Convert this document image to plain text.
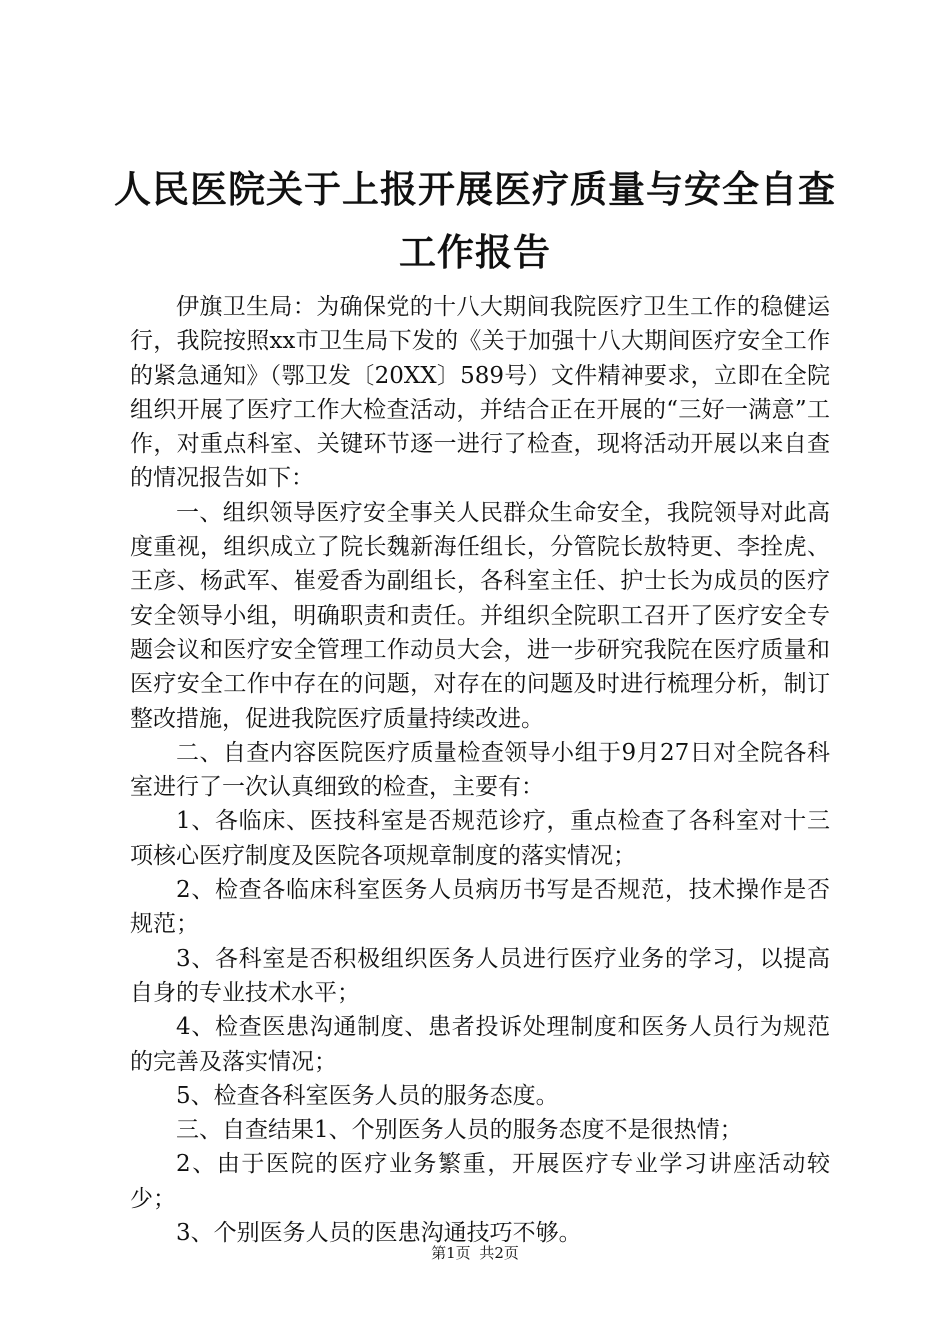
人民医院关于上报开展医疗质量与安全自查工作报告

伊旗卫生局：为确保党的十八大期间我院医疗卫生工作的稳健运行，我院按照xx市卫生局下发的《关于加强十八大期间医疗安全工作的紧急通知》（鄂卫发〔20XX〕589号）文件精神要求，立即在全院组织开展了医疗工作大检查活动，并结合正在开展的“三好一满意”工作，对重点科室、关键环节逐一进行了检查，现将活动开展以来自查的情况报告如下：

一、组织领导医疗安全事关人民群众生命安全，我院领导对此高度重视，组织成立了院长魏新海任组长，分管院长敖特更、李拴虎、王彦、杨武军、崔爱香为副组长，各科室主任、护士长为成员的医疗安全领导小组，明确职责和责任。并组织全院职工召开了医疗安全专题会议和医疗安全管理工作动员大会，进一步研究我院在医疗质量和医疗安全工作中存在的问题，对存在的问题及时进行梳理分析，制订整改措施，促进我院医疗质量持续改进。

二、自查内容医院医疗质量检查领导小组于9月27日对全院各科室进行了一次认真细致的检查，主要有：

1、各临床、医技科室是否规范诊疗，重点检查了各科室对十三项核心医疗制度及医院各项规章制度的落实情况；

2、检查各临床科室医务人员病历书写是否规范，技术操作是否规范；

3、各科室是否积极组织医务人员进行医疗业务的学习，以提高自身的专业技术水平；

4、检查医患沟通制度、患者投诉处理制度和医务人员行为规范的完善及落实情况；

5、检查各科室医务人员的服务态度。

三、自查结果1、个别医务人员的服务态度不是很热情；

2、由于医院的医疗业务繁重，开展医疗专业学习讲座活动较少；

3、个别医务人员的医患沟通技巧不够。

第1页 共2页
